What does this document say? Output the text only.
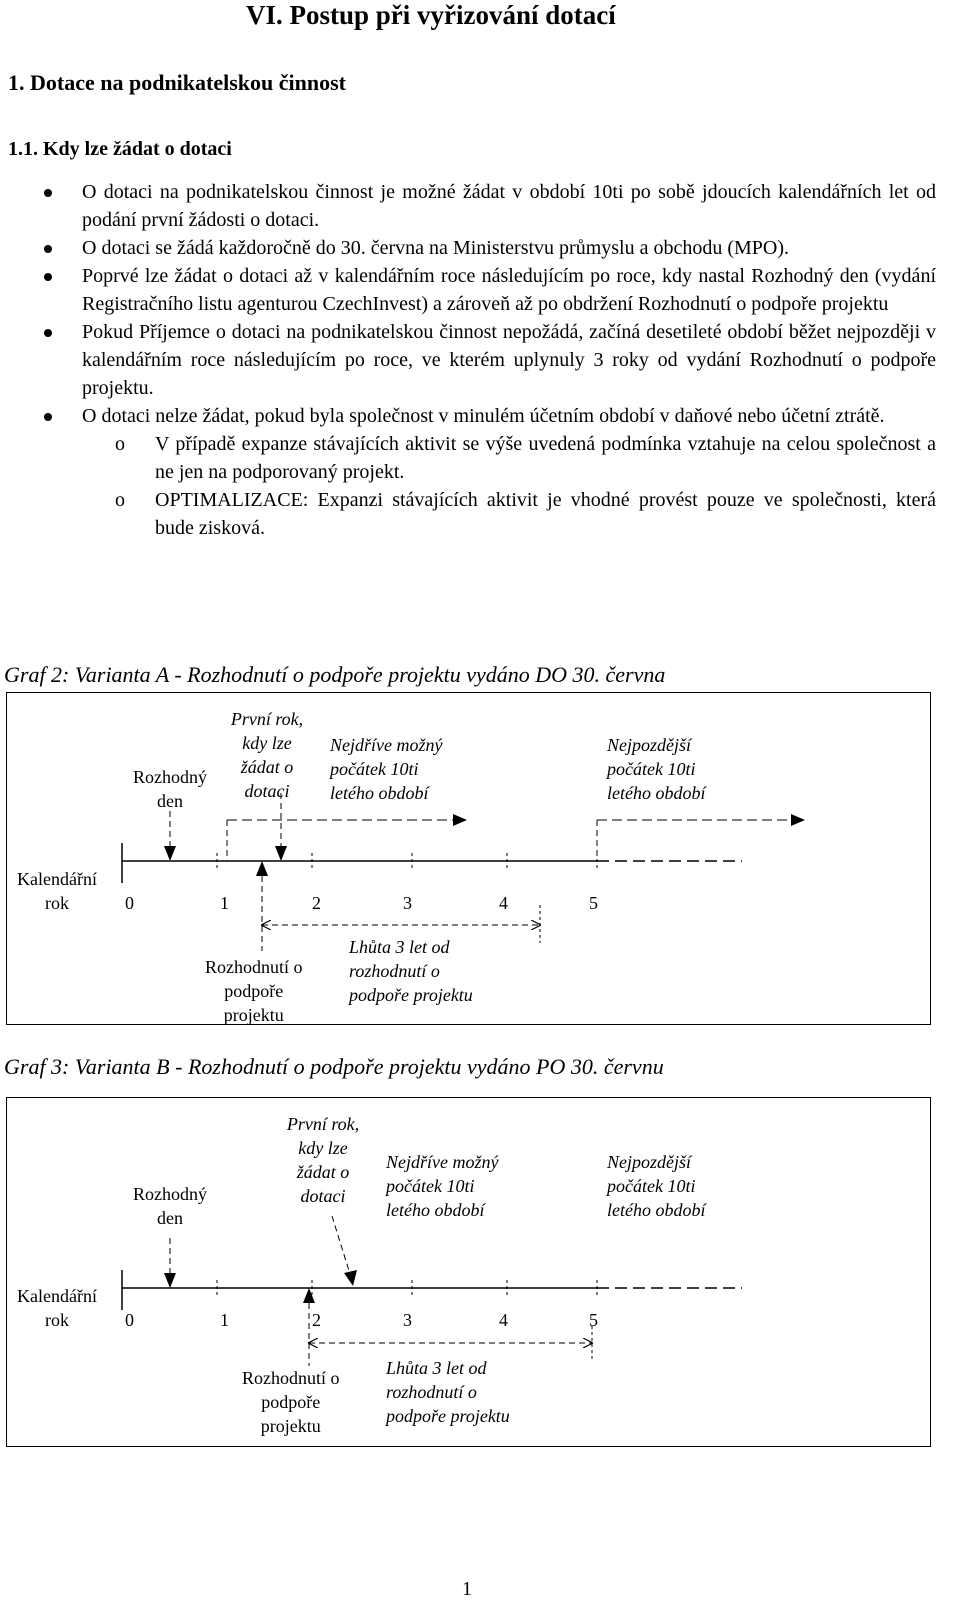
VI. Postup při vyřizování dotací
1. Dotace na podnikatelskou činnost
1.1. Kdy lze žádat o dotaci
O dotaci na podnikatelskou činnost je možné žádat v období 10ti po sobě jdoucích kalendářních let od podání první žádosti o dotaci.
O dotaci se žádá každoročně do 30. června na Ministerstvu průmyslu a obchodu (MPO).
Poprvé lze žádat o dotaci až v kalendářním roce následujícím po roce, kdy nastal Rozhodný den (vydání Registračního listu agenturou CzechInvest) a zároveň až po obdržení Rozhodnutí o podpoře projektu
Pokud Příjemce o dotaci na podnikatelskou činnost nepožádá, začíná desetileté období běžet nejpozději v kalendářním roce následujícím po roce, ve kterém uplynuly 3 roky od vydání Rozhodnutí o podpoře projektu.
O dotaci nelze žádat, pokud byla společnost v minulém účetním období v daňové nebo účetní ztrátě.
o V případě expanze stávajících aktivit se výše uvedená podmínka vztahuje na celou společnost a ne jen na podporovaný projekt.
o OPTIMALIZACE: Expanzi stávajících aktivit je vhodné provést pouze ve společnosti, která bude zisková.
Graf 2: Varianta A - Rozhodnutí o podpoře projektu vydáno DO 30. června
Rozhodný
den
První rok,
kdy lze
žádat o
dotaci
Nejdříve možný
počátek 10ti
letého období
Nejpozdější
počátek 10ti
letého období
Kalendářní
rok	0	1	2	3	4	5
Rozhodnutí o
podpoře
projektu
Lhůta 3 let od
rozhodnutí o
podpoře projektu
Graf 3: Varianta B - Rozhodnutí o podpoře projektu vydáno PO 30. červnu
Rozhodný
den
První rok,
kdy lze
žádat o
dotaci
Nejdříve možný
počátek 10ti
letého období
Nejpozdější
počátek 10ti
letého období
Kalendářní
rok	0	1	2	3	4	5
Rozhodnutí o
podpoře
projektu
Lhůta 3 let od
rozhodnutí o
podpoře projektu
1
